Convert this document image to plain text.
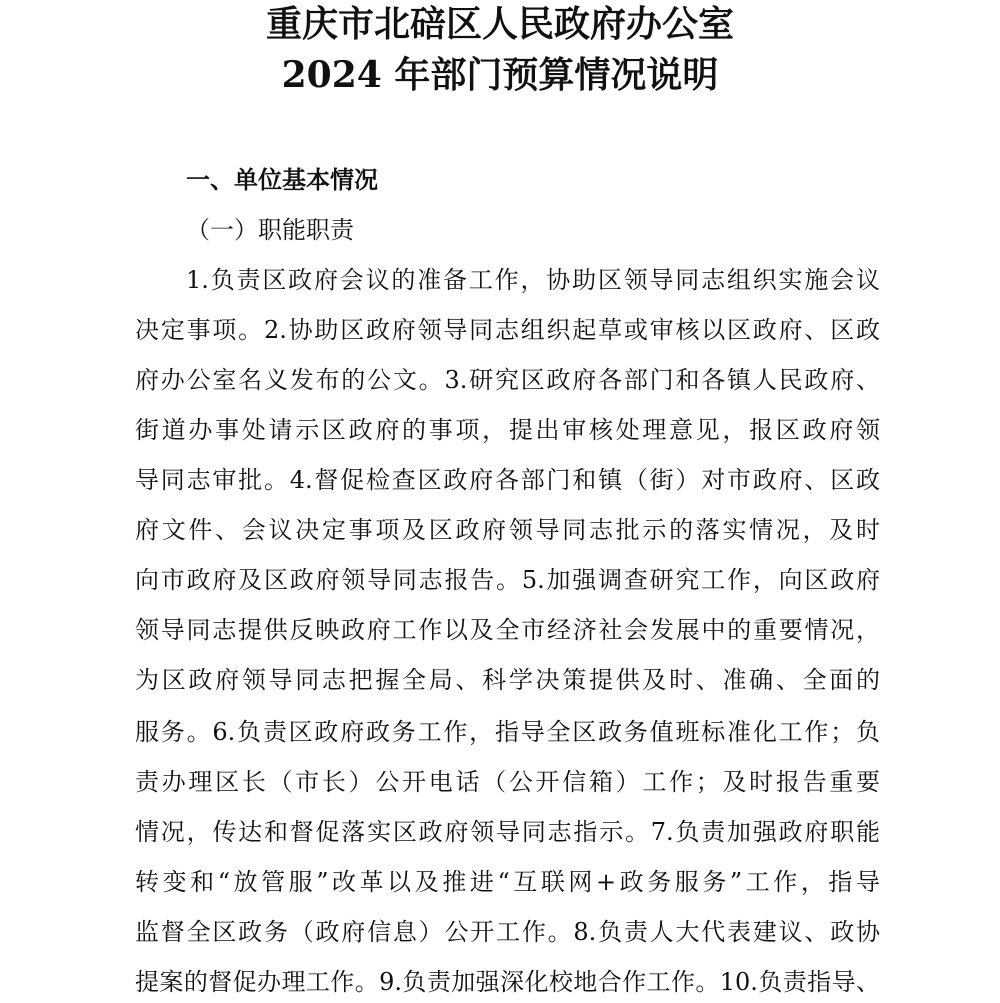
重庆市北碚区人民政府办公室
2024 年部门预算情况说明
一、单位基本情况
（一）职能职责
1.负责区政府会议的准备工作，协助区领导同志组织实施会议
决定事项。2.协助区政府领导同志组织起草或审核以区政府、区政
府办公室名义发布的公文。3.研究区政府各部门和各镇人民政府、
街道办事处请示区政府的事项，提出审核处理意见，报区政府领
导同志审批。4.督促检查区政府各部门和镇（街）对市政府、区政
府文件、会议决定事项及区政府领导同志批示的落实情况，及时
向市政府及区政府领导同志报告。5.加强调查研究工作，向区政府
领导同志提供反映政府工作以及全市经济社会发展中的重要情况，
为区政府领导同志把握全局、科学决策提供及时、准确、全面的
服务。6.负责区政府政务工作，指导全区政务值班标准化工作；负
责办理区长（市长）公开电话（公开信箱）工作；及时报告重要
情况，传达和督促落实区政府领导同志指示。7.负责加强政府职能
转变和“放管服”改革以及推进“互联网+政务服务”工作，指导
监督全区政务（政府信息）公开工作。8.负责人大代表建议、政协
提案的督促办理工作。9.负责加强深化校地合作工作。10.负责指导、
